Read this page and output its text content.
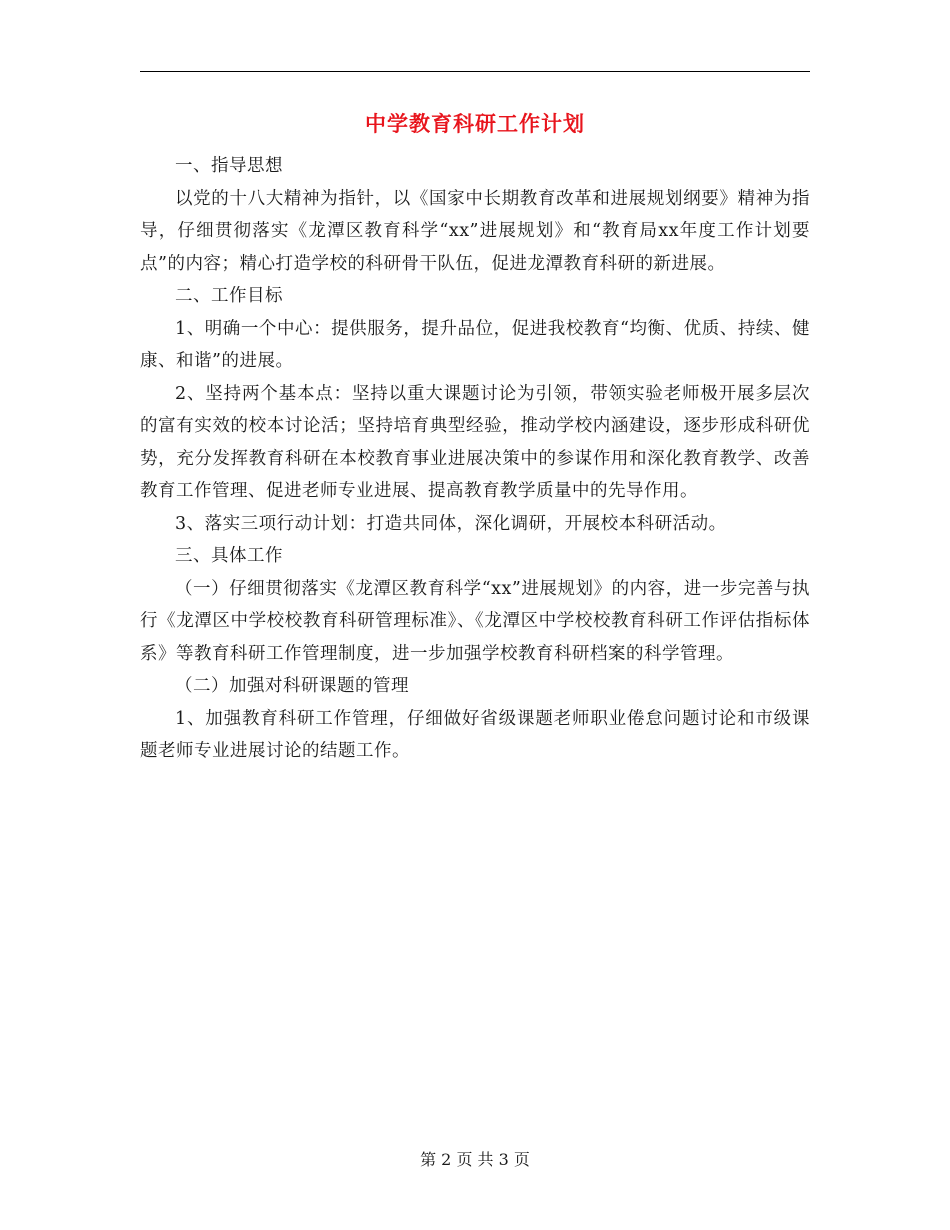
中学教育科研工作计划

一、指导思想

以党的十八大精神为指针，以《国家中长期教育改革和进展规划纲要》精神为指导，仔细贯彻落实《龙潭区教育科学“xx”进展规划》和“教育局xx年度工作计划要点”的内容；精心打造学校的科研骨干队伍，促进龙潭教育科研的新进展。

二、工作目标

1、明确一个中心：提供服务，提升品位，促进我校教育“均衡、优质、持续、健康、和谐”的进展。

2、坚持两个基本点：坚持以重大课题讨论为引领，带领实验老师极开展多层次的富有实效的校本讨论活；坚持培育典型经验，推动学校内涵建设，逐步形成科研优势，充分发挥教育科研在本校教育事业进展决策中的参谋作用和深化教育教学、改善教育工作管理、促进老师专业进展、提高教育教学质量中的先导作用。

3、落实三项行动计划：打造共同体，深化调研，开展校本科研活动。

三、具体工作

（一）仔细贯彻落实《龙潭区教育科学“xx”进展规划》的内容，进一步完善与执行《龙潭区中学校校教育科研管理标准》、《龙潭区中学校校教育科研工作评估指标体系》等教育科研工作管理制度，进一步加强学校教育科研档案的科学管理。

（二）加强对科研课题的管理

1、加强教育科研工作管理，仔细做好省级课题老师职业倦怠问题讨论和市级课题老师专业进展讨论的结题工作。

第 2 页 共 3 页
